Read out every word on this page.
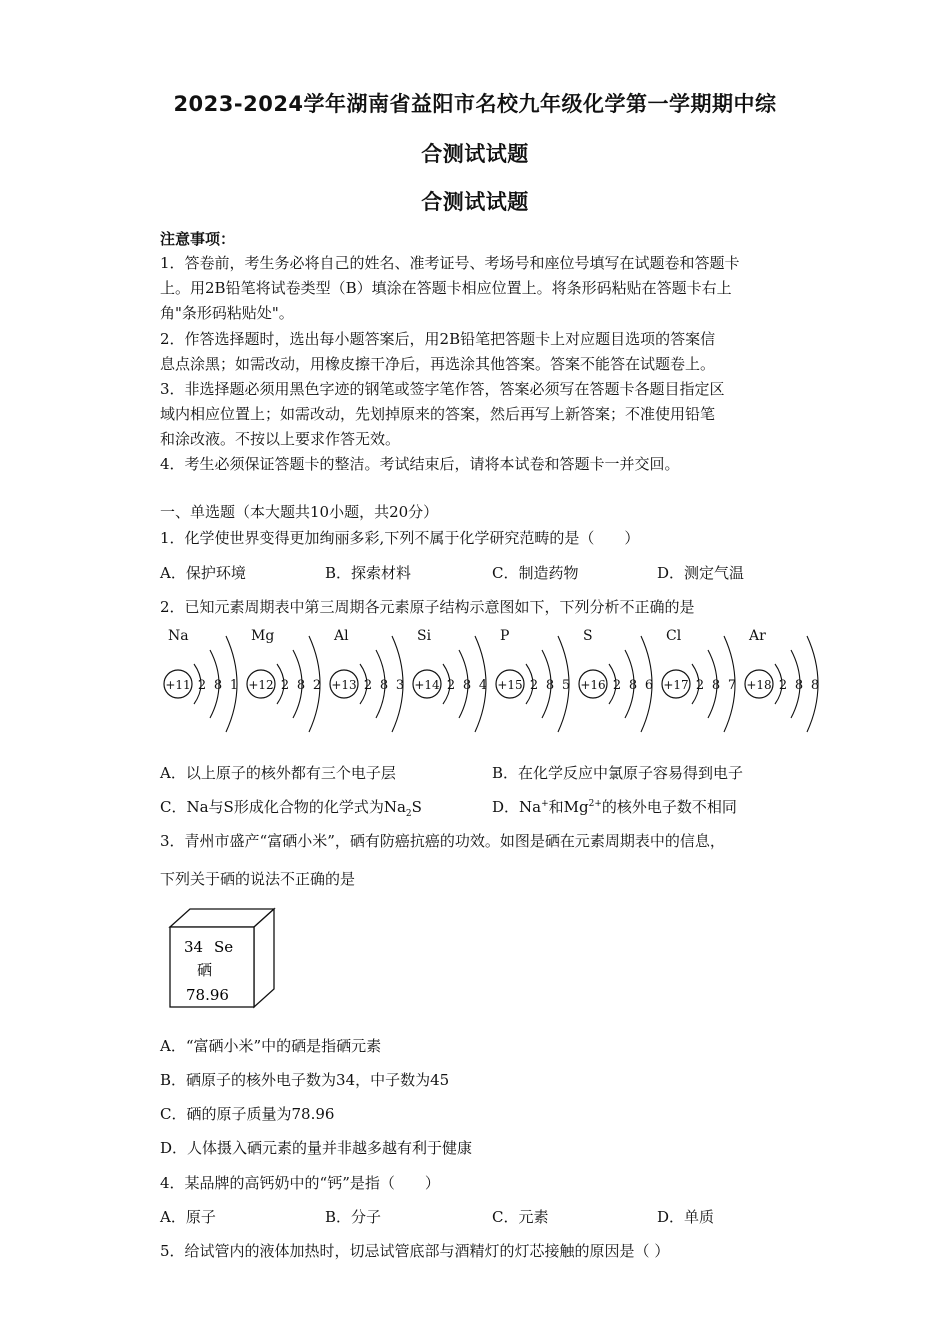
2023-2024学年湖南省益阳市名校九年级化学第一学期期中综
合测试试题
合测试试题
注意事项：
1．答卷前，考生务必将自己的姓名、准考证号、考场号和座位号填写在试题卷和答题卡
上。用2B铅笔将试卷类型（B）填涂在答题卡相应位置上。将条形码粘贴在答题卡右上
角"条形码粘贴处"。
2．作答选择题时，选出每小题答案后，用2B铅笔把答题卡上对应题目选项的答案信
息点涂黑；如需改动，用橡皮擦干净后，再选涂其他答案。答案不能答在试题卷上。
3．非选择题必须用黑色字迹的钢笔或签字笔作答，答案必须写在答题卡各题目指定区
域内相应位置上；如需改动，先划掉原来的答案，然后再写上新答案；不准使用铅笔
和涂改液。不按以上要求作答无效。
4．考生必须保证答题卡的整洁。考试结束后，请将本试卷和答题卡一并交回。
一、单选题（本大题共10小题，共20分）
1．化学使世界变得更加绚丽多彩,下列不属于化学研究范畴的是（　　）
A．保护环境	B．探索材料	C．制造药物	D．测定气温
2．已知元素周期表中第三周期各元素原子结构示意图如下，下列分析不正确的是
Na
+11 2 8 1
Mg
+12 2 8 2
Al
+13 2 8 3
Si
+14 2 8 4
P
+15 2 8 5
S
+16 2 8 6
Cl
+17 2 8 7
Ar
+18 2 8 8
A．以上原子的核外都有三个电子层	B．在化学反应中氯原子容易得到电子
C．Na与S形成化合物的化学式为$Na_2S$	D．Na+和$Mg^{2+}$的核外电子数不相同
3．青州市盛产“富硒小米”，硒有防癌抗癌的功效。如图是硒在元素周期表中的信息，
下列关于硒的说法不正确的是
34 Se
硒
78.96
A．“富硒小米”中的硒是指硒元素
B．硒原子的核外电子数为34，中子数为45
C．硒的原子质量为78.96
D．人体摄入硒元素的量并非越多越有利于健康
4．某品牌的高钙奶中的“钙”是指（　　）
A．原子	B．分子	C．元素	D．单质
5．给试管内的液体加热时，切忌试管底部与酒精灯的灯芯接触的原因是（ ）
